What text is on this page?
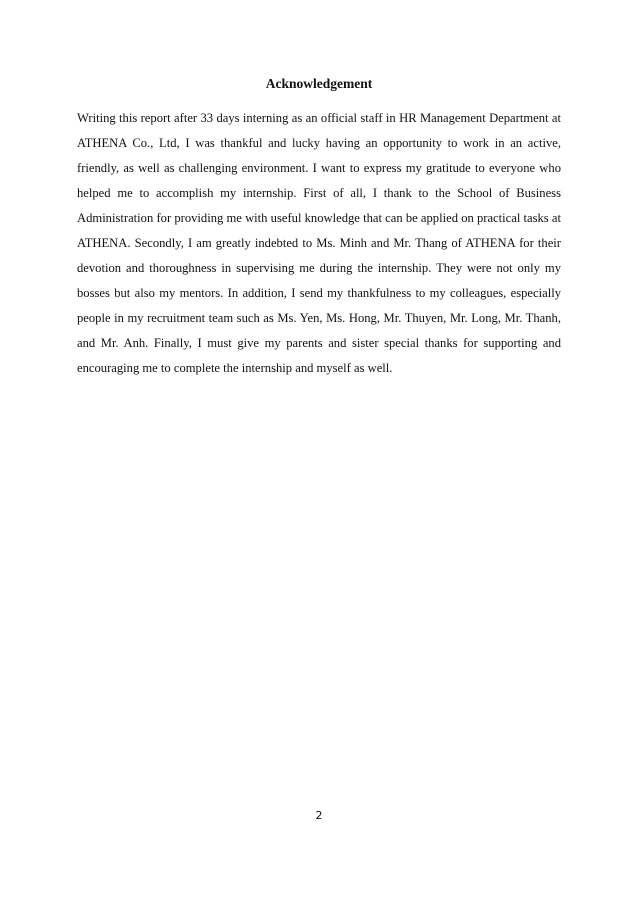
Acknowledgement

Writing this report after 33 days interning as an official staff in HR Management Department at ATHENA Co., Ltd, I was thankful and lucky having an opportunity to work in an active, friendly, as well as challenging environment. I want to express my gratitude to everyone who helped me to accomplish my internship. First of all, I thank to the School of Business Administration for providing me with useful knowledge that can be applied on practical tasks at ATHENA. Secondly, I am greatly indebted to Ms. Minh and Mr. Thang of ATHENA for their devotion and thoroughness in supervising me during the internship. They were not only my bosses but also my mentors. In addition, I send my thankfulness to my colleagues, especially people in my recruitment team such as Ms. Yen, Ms. Hong, Mr. Thuyen, Mr. Long, Mr. Thanh, and Mr. Anh. Finally, I must give my parents and sister special thanks for supporting and encouraging me to complete the internship and myself as well.

2
